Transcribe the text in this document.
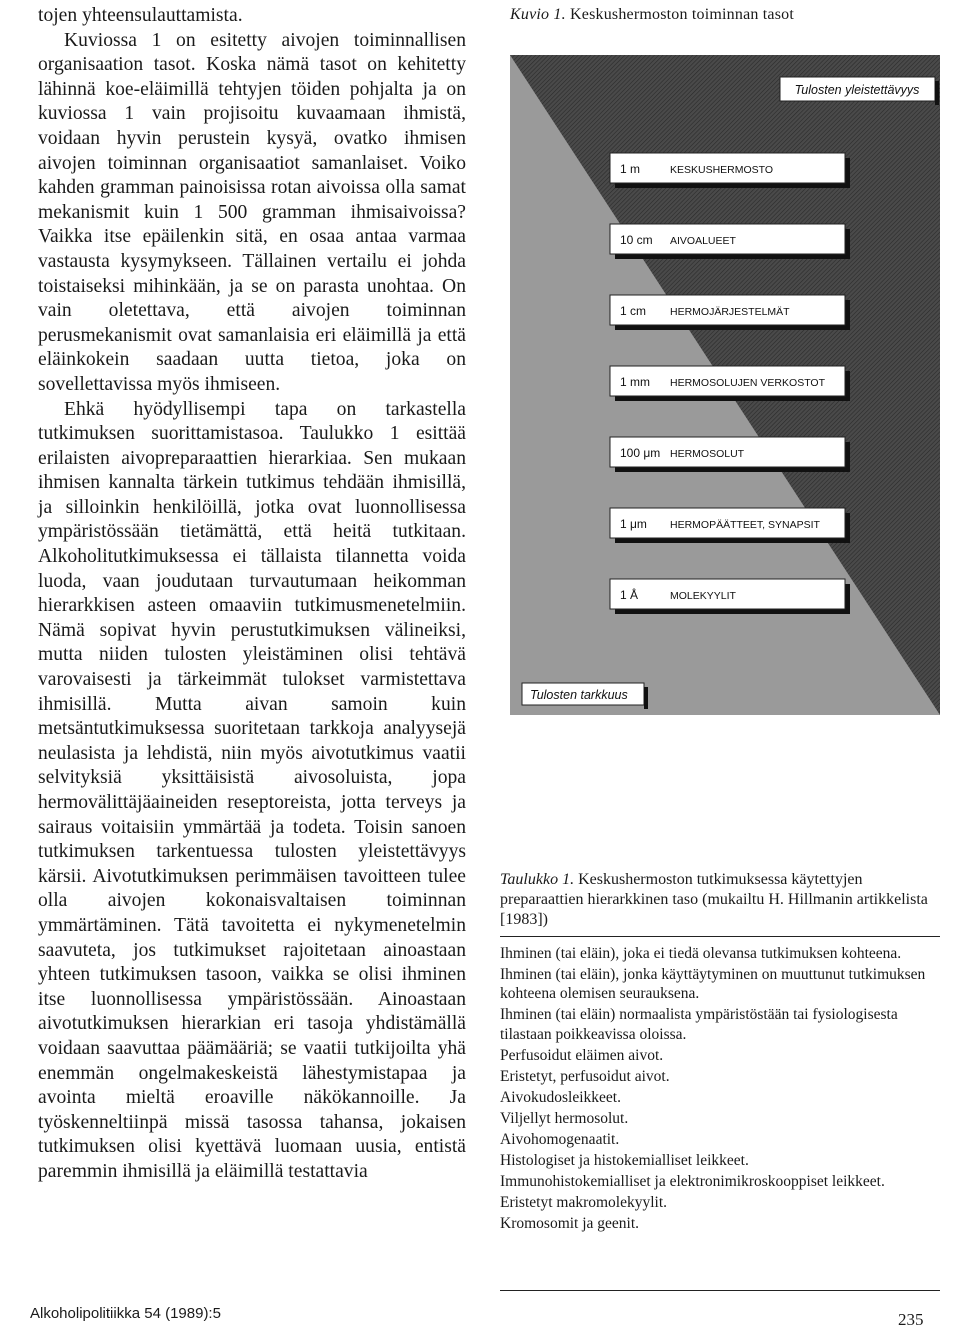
tojen yhteensulauttamista.

Kuviossa 1 on esitetty aivojen toiminnallisen organisaation tasot. Koska nämä tasot on kehitetty lähinnä koe-eläimillä tehtyjen töiden pohjalta ja on kuviossa 1 vain projisoitu kuvaamaan ihmistä, voidaan hyvin perustein kysyä, ovatko ihmisen aivojen toiminnan organisaatiot samanlaiset. Voiko kahden gramman painoisissa rotan aivoissa olla samat mekanismit kuin 1 500 gramman ihmisaivoissa? Vaikka itse epäilenkin sitä, en osaa antaa varmaa vastausta kysymykseen. Tällainen vertailu ei johda toistaiseksi mihinkään, ja se on parasta unohtaa. On vain oletettava, että aivojen toiminnan perusmekanismit ovat samanlaisia eri eläimillä ja että eläinkokein saadaan uutta tietoa, joka on sovellettavissa myös ihmiseen.

Ehkä hyödyllisempi tapa on tarkastella tutkimuksen suorittamistasoa. Taulukko 1 esittää erilaisten aivopreparaattien hierarkiaa. Sen mukaan ihmisen kannalta tärkein tutkimus tehdään ihmisillä, ja silloinkin henkilöillä, jotka ovat luonnollisessa ympäristössään tietämättä, että heitä tutkitaan. Alkoholitutkimuksessa ei tällaista tilannetta voida luoda, vaan joudutaan turvautumaan heikomman hierarkkisen asteen omaaviin tutkimusmenetelmiin. Nämä sopivat hyvin perustutkimuksen välineiksi, mutta niiden tulosten yleistäminen olisi tehtävä varovaisesti ja tärkeimmät tulokset varmistettava ihmisillä. Mutta aivan samoin kuin metsäntutkimuksessa suoritetaan tarkkoja analyysejä neulasista ja lehdistä, niin myös aivotutkimus vaatii selvityksiä yksittäisistä aivosoluista, jopa hermovälittäjäaineiden reseptoreista, jotta terveys ja sairaus voitaisiin ymmärtää ja todeta. Toisin sanoen tutkimuksen tarkentuessa tulosten yleistettävyys kärsii. Aivotutkimuksen perimmäisen tavoitteen tulee olla aivojen kokonaisvaltaisen toiminnan ymmärtäminen. Tätä tavoitetta ei nykymenetelmin saavuteta, jos tutkimukset rajoitetaan ainoastaan yhteen tutkimuksen tasoon, vaikka se olisi ihminen itse luonnollisessa ympäristössään. Ainoastaan aivotutkimuksen hierarkian eri tasoja yhdistämällä voidaan saavuttaa päämääriä; se vaatii tutkijoilta yhä enemmän ongelmakeskeistä lähestymistapaa ja avointa mieltä eroaville näkökannoille. Ja työskenneltiinpä missä tasossa tahansa, jokaisen tutkimuksen olisi kyettävä luomaan uusia, entistä paremmin ihmisillä ja eläimillä testattavia

Kuvio 1. Keskushermoston toiminnan tasot
1 m	KESKUSHERMOSTO
10 cm AIVOALUEET
1 cm HERMOJÄRJESTELMÄT
1 mm HERMOSOLUJEN VERKOSTOT
100 μm HERMOSOLUT
1 μm HERMOPÄÄTTEET, SYNAPSIT
1 Å	MOLEKYYLIT
Tulosten yleistettävyys
Tulosten tarkkuus
Taulukko 1. Keskushermoston tutkimuksessa käytettyjen preparaattien hierarkkinen taso (mukailtu H. Hillmanin artikkelista [1983])
Ihminen (tai eläin), joka ei tiedä olevansa tutkimuksen kohteena.
Ihminen (tai eläin), jonka käyttäytyminen on muuttunut tutkimuksen kohteena olemisen seurauksena.
Ihminen (tai eläin) normaalista ympäristöstään tai fysiologisesta tilastaan poikkeavissa oloissa.
Perfusoidut eläimen aivot.
Eristetyt, perfusoidut aivot.
Aivokudosleikkeet.
Viljellyt hermosolut.
Aivohomogenaatit.
Histologiset ja histokemialliset leikkeet.
Immunohistokemialliset ja elektronimikroskooppiset leikkeet.
Eristetyt makromolekyylit.
Kromosomit ja geenit.
Alkoholipolitiikka 54 (1989):5	235
